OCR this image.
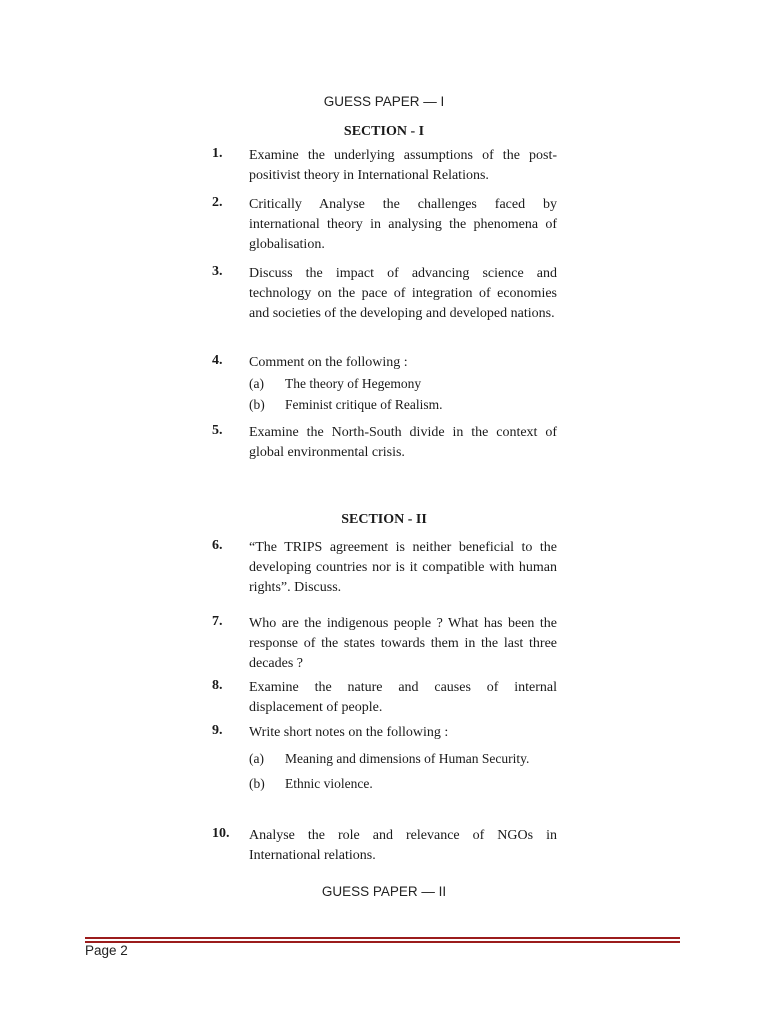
GUESS PAPER — I
SECTION - I
1. Examine the underlying assumptions of the post-positivist theory in International Relations.
2. Critically Analyse the challenges faced by international theory in analysing the phenomena of globalisation.
3. Discuss the impact of advancing science and technology on the pace of integration of economies and societies of the developing and developed nations.
4. Comment on the following :
(a) The theory of Hegemony
(b) Feminist critique of Realism.
5. Examine the North-South divide in the context of global environmental crisis.
SECTION - II
6. “The TRIPS agreement is neither beneficial to the developing countries nor is it compatible with human rights”. Discuss.
7. Who are the indigenous people ? What has been the response of the states towards them in the last three decades ?
8. Examine the nature and causes of internal displacement of people.
9. Write short notes on the following :
(a) Meaning and dimensions of Human Security.
(b) Ethnic violence.
10. Analyse the role and relevance of NGOs in International relations.
GUESS PAPER — II
Page 2
